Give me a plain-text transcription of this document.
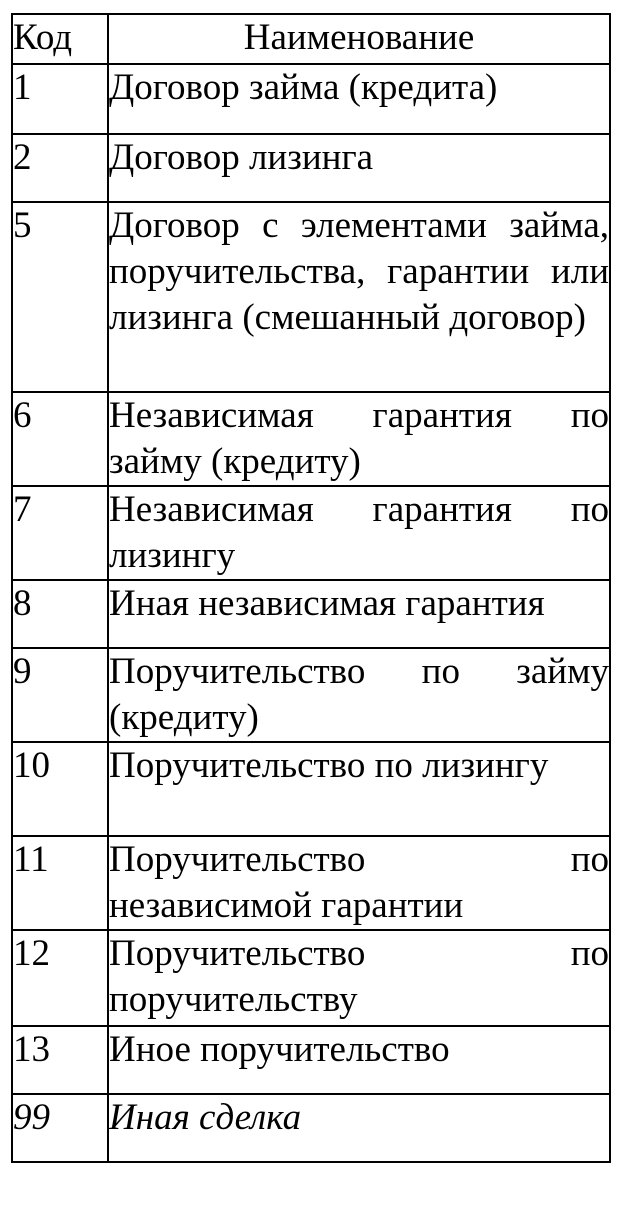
Код	Наименование
1	Договор займа (кредита)
2	Договор лизинга
5	Договор с элементами займа, поручительства, гарантии или лизинга (смешанный договор)
6	Независимая гарантия по займу (кредиту)
7	Независимая гарантия по лизингу
8	Иная независимая гарантия
9	Поручительство по займу (кредиту)
10	Поручительство по лизингу
11	Поручительство по независимой гарантии
12	Поручительство по поручительству
13	Иное поручительство
99	Иная сделка
